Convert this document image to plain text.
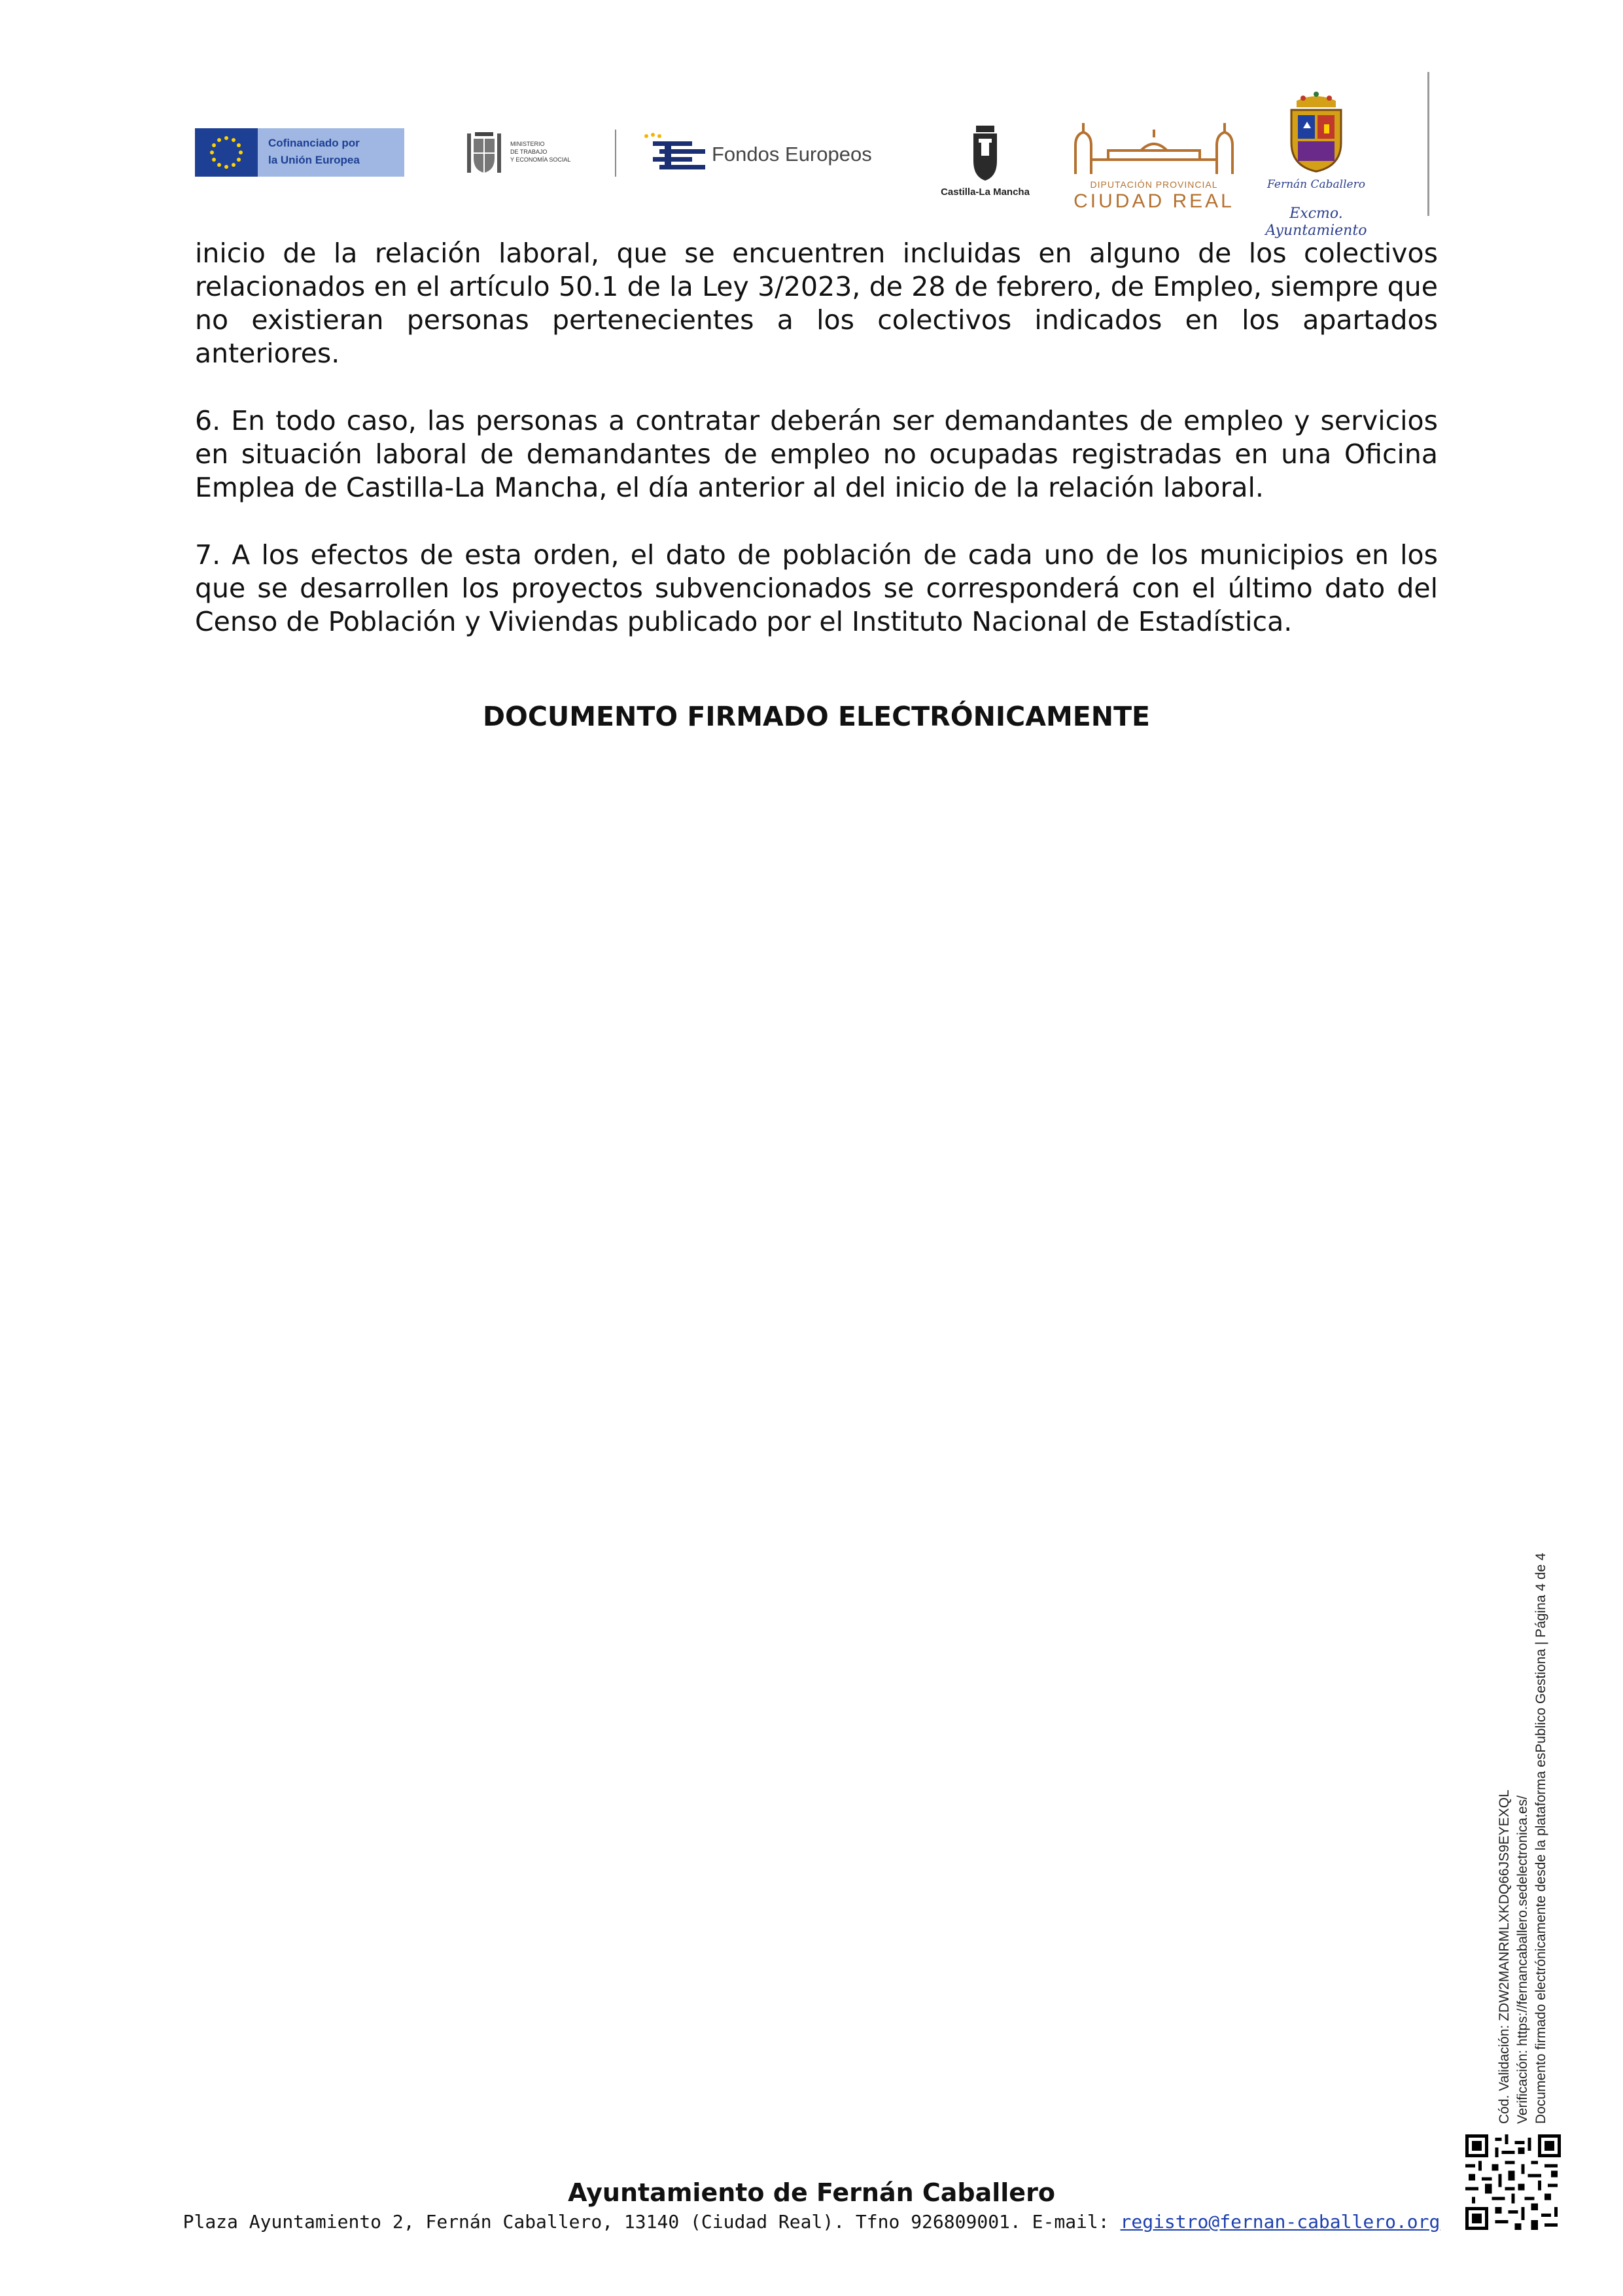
Cofinanciado por
la Unión Europea
MINISTERIO
DE TRABAJO
Y ECONOMÍA SOCIAL	Fondos Europeos
Castilla-La Mancha
DIPUTACIÓN PROVINCIAL
CIUDAD REAL
Fernán Caballero
Excmo. Ayuntamiento

inicio de la relación laboral, que se encuentren incluidas en alguno de los colectivos relacionados en el artículo 50.1 de la Ley 3/2023, de 28 de febrero, de Empleo, siempre que no existieran personas pertenecientes a los colectivos indicados en los apartados anteriores.

6. En todo caso, las personas a contratar deberán ser demandantes de empleo y servicios en situación laboral de demandantes de empleo no ocupadas registradas en una Oficina Emplea de Castilla-La Mancha, el día anterior al del inicio de la relación laboral.

7. A los efectos de esta orden, el dato de población de cada uno de los municipios en los que se desarrollen los proyectos subvencionados se corresponderá con el último dato del Censo de Población y Viviendas publicado por el Instituto Nacional de Estadística.

DOCUMENTO FIRMADO ELECTRÓNICAMENTE
Cód. Validación: ZDW2MANRMLXKDQ66JS9EYEXQL Verificación: https://fernancaballero.sedelectronica.es/ Documento firmado electrónicamente desde la plataforma esPublico Gestiona | Página 4 de 4
Ayuntamiento de Fernán Caballero
Plaza Ayuntamiento 2, Fernán Caballero, 13140 (Ciudad Real). Tfno 926809001. E-mail: registro@fernan-caballero.org
